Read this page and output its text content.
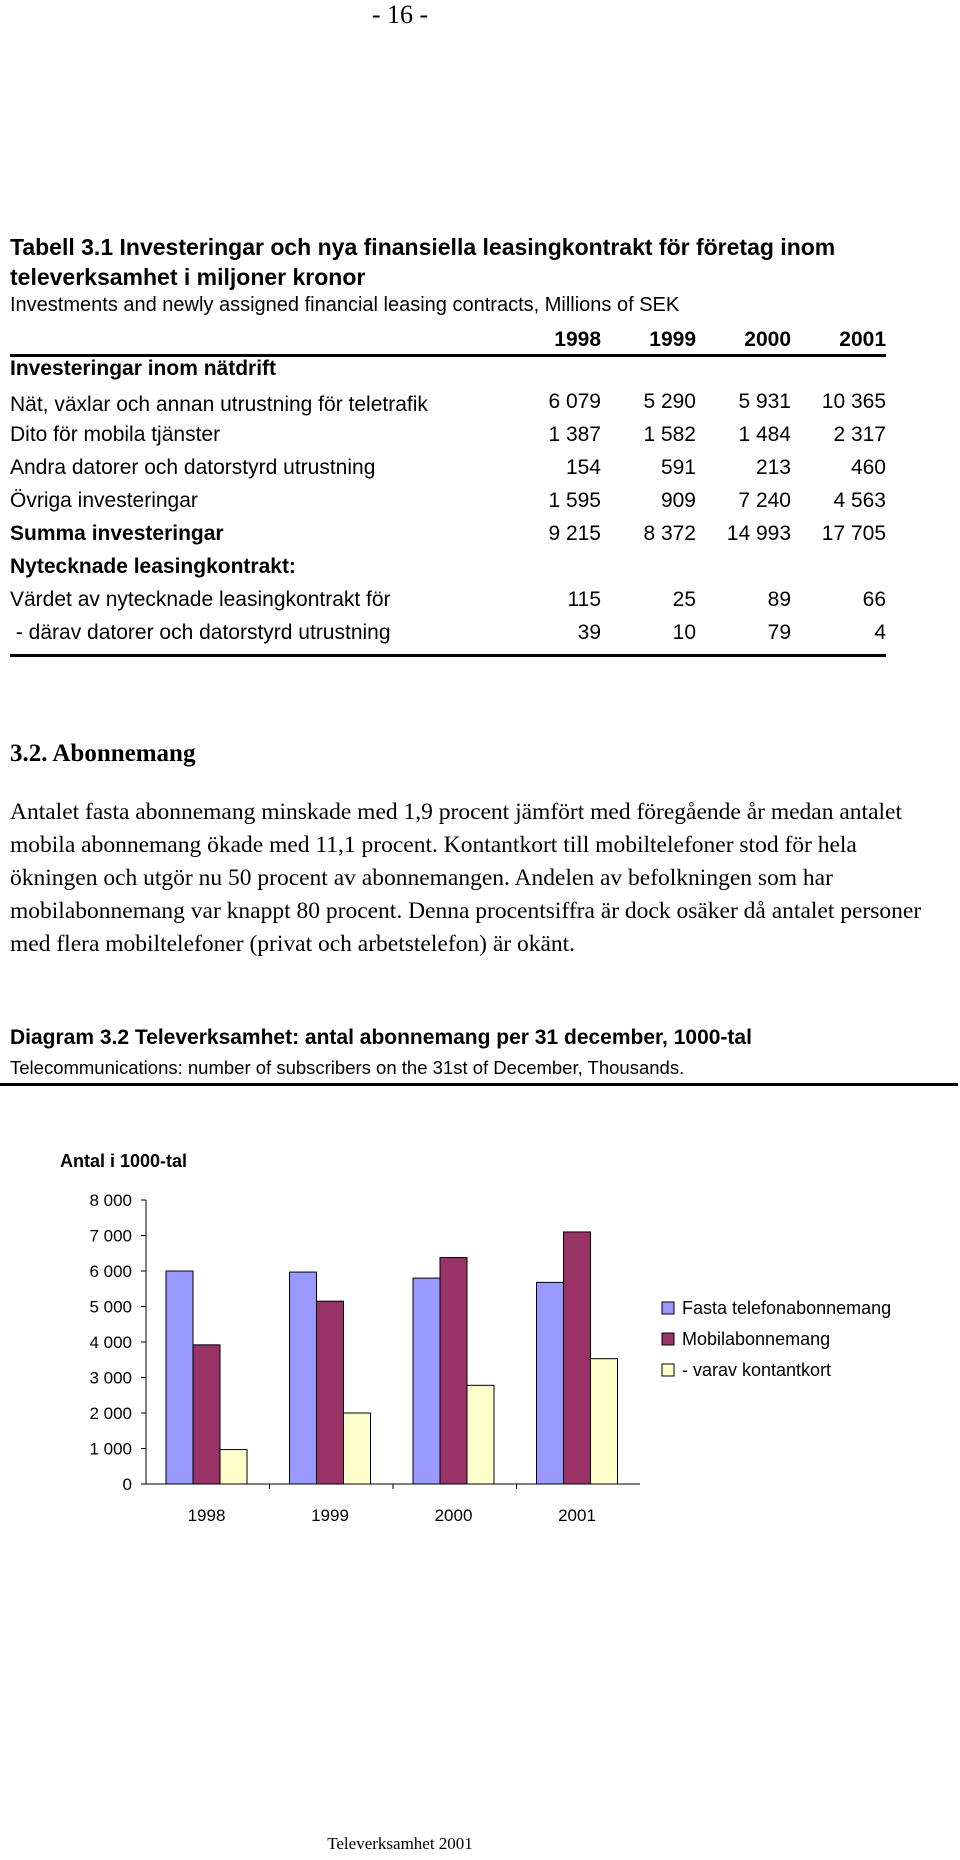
- 16 -
Tabell 3.1 Investeringar och nya finansiella leasingkontrakt för företag inom televerksamhet i miljoner kronor
Investments and newly assigned financial leasing contracts, Millions of SEK
	1998	1999	2000	2001
Investeringar inom nätdrift				
Nät, växlar och annan utrustning för teletrafik	6 079	5 290	5 931	10 365
Dito för mobila tjänster	1 387	1 582	1 484	2 317
Andra datorer och datorstyrd utrustning	154	591	213	460
Övriga investeringar	1 595	909	7 240	4 563
Summa investeringar	9 215	8 372	14 993	17 705
Nytecknade leasingkontrakt:				
Värdet av nytecknade leasingkontrakt för	115	25	89	66
- därav datorer och datorstyrd utrustning	39	10	79	4
3.2. Abonnemang

Antalet fasta abonnemang minskade med 1,9 procent jämfört med föregående år medan antalet mobila abonnemang ökade med 11,1 procent. Kontantkort till mobiltelefoner stod för hela ökningen och utgör nu 50 procent av abonnemangen. Andelen av befolkningen som har mobilabonnemang var knappt 80 procent. Denna procentsiffra är dock osäker då antalet personer med flera mobiltelefoner (privat och arbetstelefon) är okänt.

Diagram 3.2 Televerksamhet: antal abonnemang per 31 december, 1000-tal
Telecommunications: number of subscribers on the 31st of December, Thousands.
Antal i 1000-tal
0
1 000
2 000
3 000
4 000
5 000
6 000
7 000
8 000
1998	1999	2000	2001
Fasta telefonabonnemang
Mobilabonnemang
- varav kontantkort
Televerksamhet 2001
